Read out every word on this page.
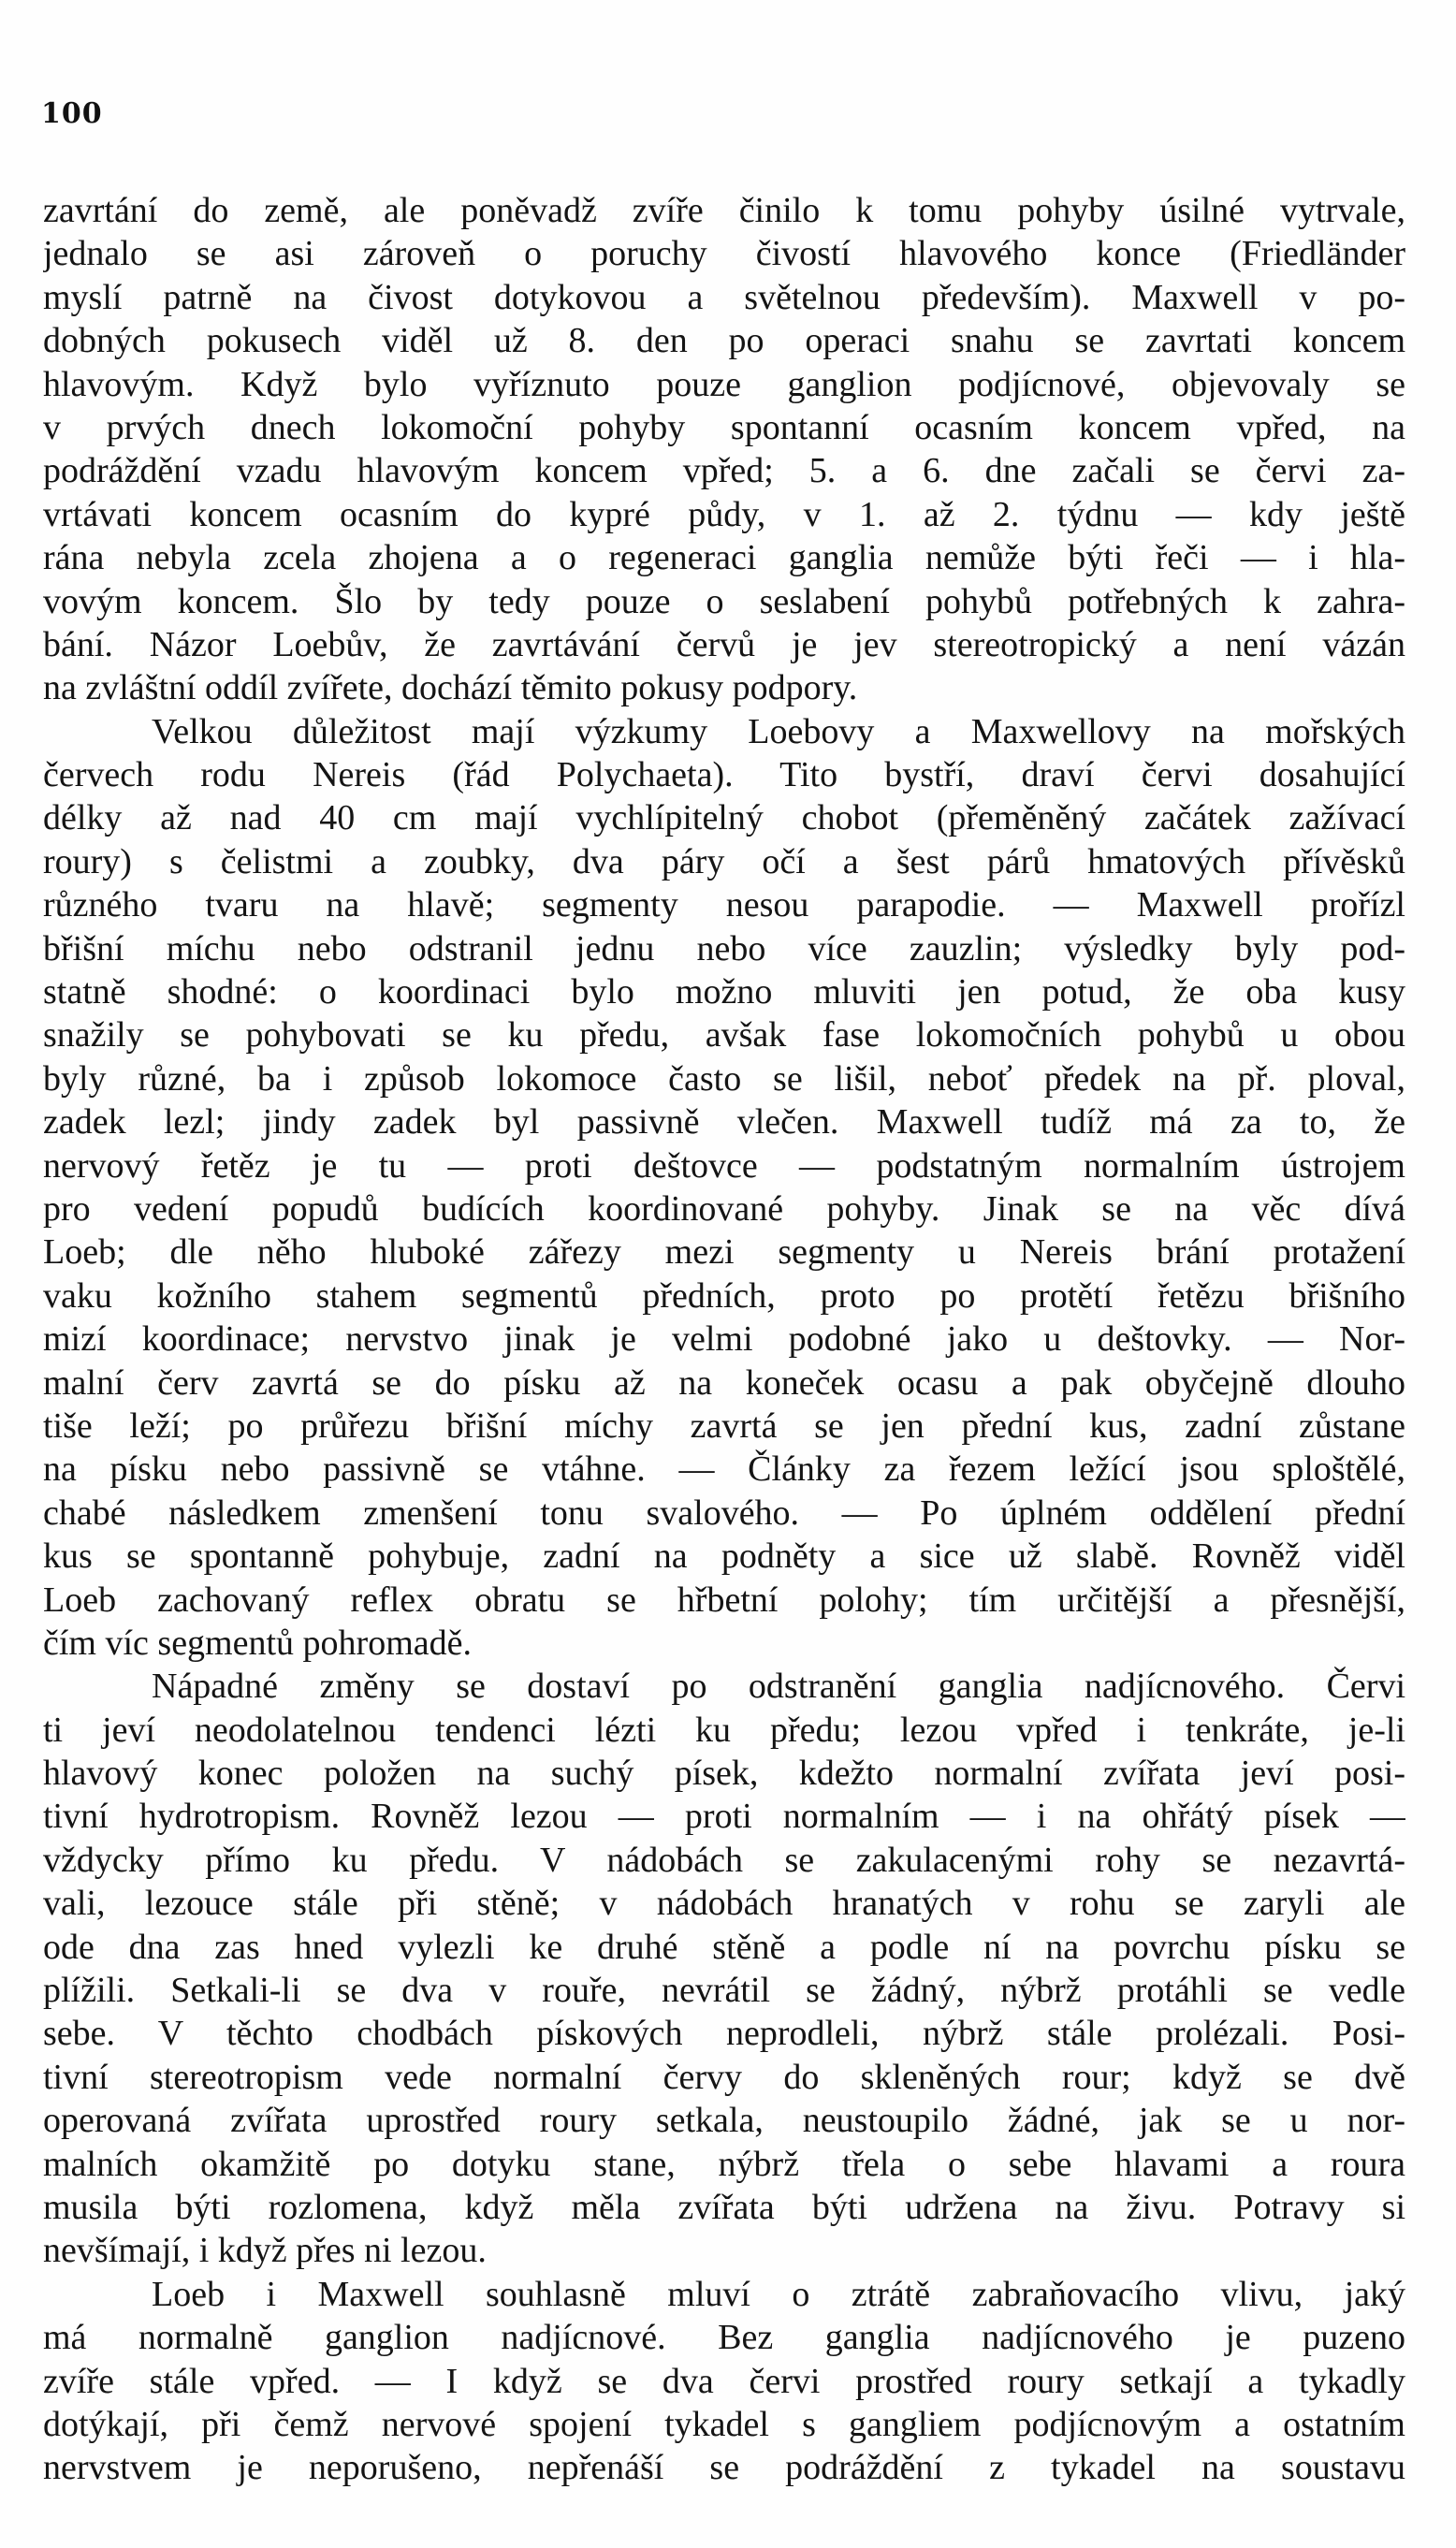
100
zavrtání do země, ale poněvadž zvíře činilo k tomu pohyby úsilné vytrvale,
jednalo se asi zároveň o poruchy čivostí hlavového konce (Friedländer
myslí patrně na čivost dotykovou a světelnou především). Maxwell v po-
dobných pokusech viděl už 8. den po operaci snahu se zavrtati koncem
hlavovým. Když bylo vyříznuto pouze ganglion podjícnové, objevovaly se
v prvých dnech lokomoční pohyby spontanní ocasním koncem vpřed, na
podráždění vzadu hlavovým koncem vpřed; 5. a 6. dne začali se červi za-
vrtávati koncem ocasním do kypré půdy, v 1. až 2. týdnu — kdy ještě
rána nebyla zcela zhojena a o regeneraci ganglia nemůže býti řeči — i hla-
vovým koncem. Šlo by tedy pouze o seslabení pohybů potřebných k zahra-
bání. Názor Loebův, že zavrtávání červů je jev stereotropický a není vázán
na zvláštní oddíl zvířete, dochází těmito pokusy podpory.
Velkou důležitost mají výzkumy Loebovy a Maxwellovy na mořských
červech rodu Nereis (řád Polychaeta). Tito bystří, draví červi dosahující
délky až nad 40 cm mají vychlípitelný chobot (přeměněný začátek zažívací
roury) s čelistmi a zoubky, dva páry očí a šest párů hmatových přívěsků
různého tvaru na hlavě; segmenty nesou parapodie. — Maxwell prořízl
břišní míchu nebo odstranil jednu nebo více zauzlin; výsledky byly pod-
statně shodné: o koordinaci bylo možno mluviti jen potud, že oba kusy
snažily se pohybovati se ku předu, avšak fase lokomočních pohybů u obou
byly různé, ba i způsob lokomoce často se lišil, neboť předek na př. ploval,
zadek lezl; jindy zadek byl passivně vlečen. Maxwell tudíž má za to, že
nervový řetěz je tu — proti deštovce — podstatným normalním ústrojem
pro vedení popudů budících koordinované pohyby. Jinak se na věc dívá
Loeb; dle něho hluboké zářezy mezi segmenty u Nereis brání protažení
vaku kožního stahem segmentů předních, proto po protětí řetězu břišního
mizí koordinace; nervstvo jinak je velmi podobné jako u deštovky. — Nor-
malní červ zavrtá se do písku až na koneček ocasu a pak obyčejně dlouho
tiše leží; po průřezu břišní míchy zavrtá se jen přední kus, zadní zůstane
na písku nebo passivně se vtáhne. — Články za řezem ležící jsou sploštělé,
chabé následkem zmenšení tonu svalového. — Po úplném oddělení přední
kus se spontanně pohybuje, zadní na podněty a sice už slabě. Rovněž viděl
Loeb zachovaný reflex obratu se hřbetní polohy; tím určitější a přesnější,
čím víc segmentů pohromadě.
Nápadné změny se dostaví po odstranění ganglia nadjícnového. Červi
ti jeví neodolatelnou tendenci lézti ku předu; lezou vpřed i tenkráte, je-li
hlavový konec položen na suchý písek, kdežto normalní zvířata jeví posi-
tivní hydrotropism. Rovněž lezou — proti normalním — i na ohřátý písek —
vždycky přímo ku předu. V nádobách se zakulacenými rohy se nezavrtá-
vali, lezouce stále při stěně; v nádobách hranatých v rohu se zaryli ale
ode dna zas hned vylezli ke druhé stěně a podle ní na povrchu písku se
plížili. Setkali-li se dva v rouře, nevrátil se žádný, nýbrž protáhli se vedle
sebe. V těchto chodbách pískových neprodleli, nýbrž stále prolézali. Posi-
tivní stereotropism vede normalní červy do skleněných rour; když se dvě
operovaná zvířata uprostřed roury setkala, neustoupilo žádné, jak se u nor-
malních okamžitě po dotyku stane, nýbrž třela o sebe hlavami a roura
musila býti rozlomena, když měla zvířata býti udržena na živu. Potravy si
nevšímají, i když přes ni lezou.
Loeb i Maxwell souhlasně mluví o ztrátě zabraňovacího vlivu, jaký
má normalně ganglion nadjícnové. Bez ganglia nadjícnového je puzeno
zvíře stále vpřed. — I když se dva červi prostřed roury setkají a tykadly
dotýkají, při čemž nervové spojení tykadel s gangliem podjícnovým a ostatním
nervstvem je neporušeno, nepřenáší se podráždění z tykadel na soustavu
